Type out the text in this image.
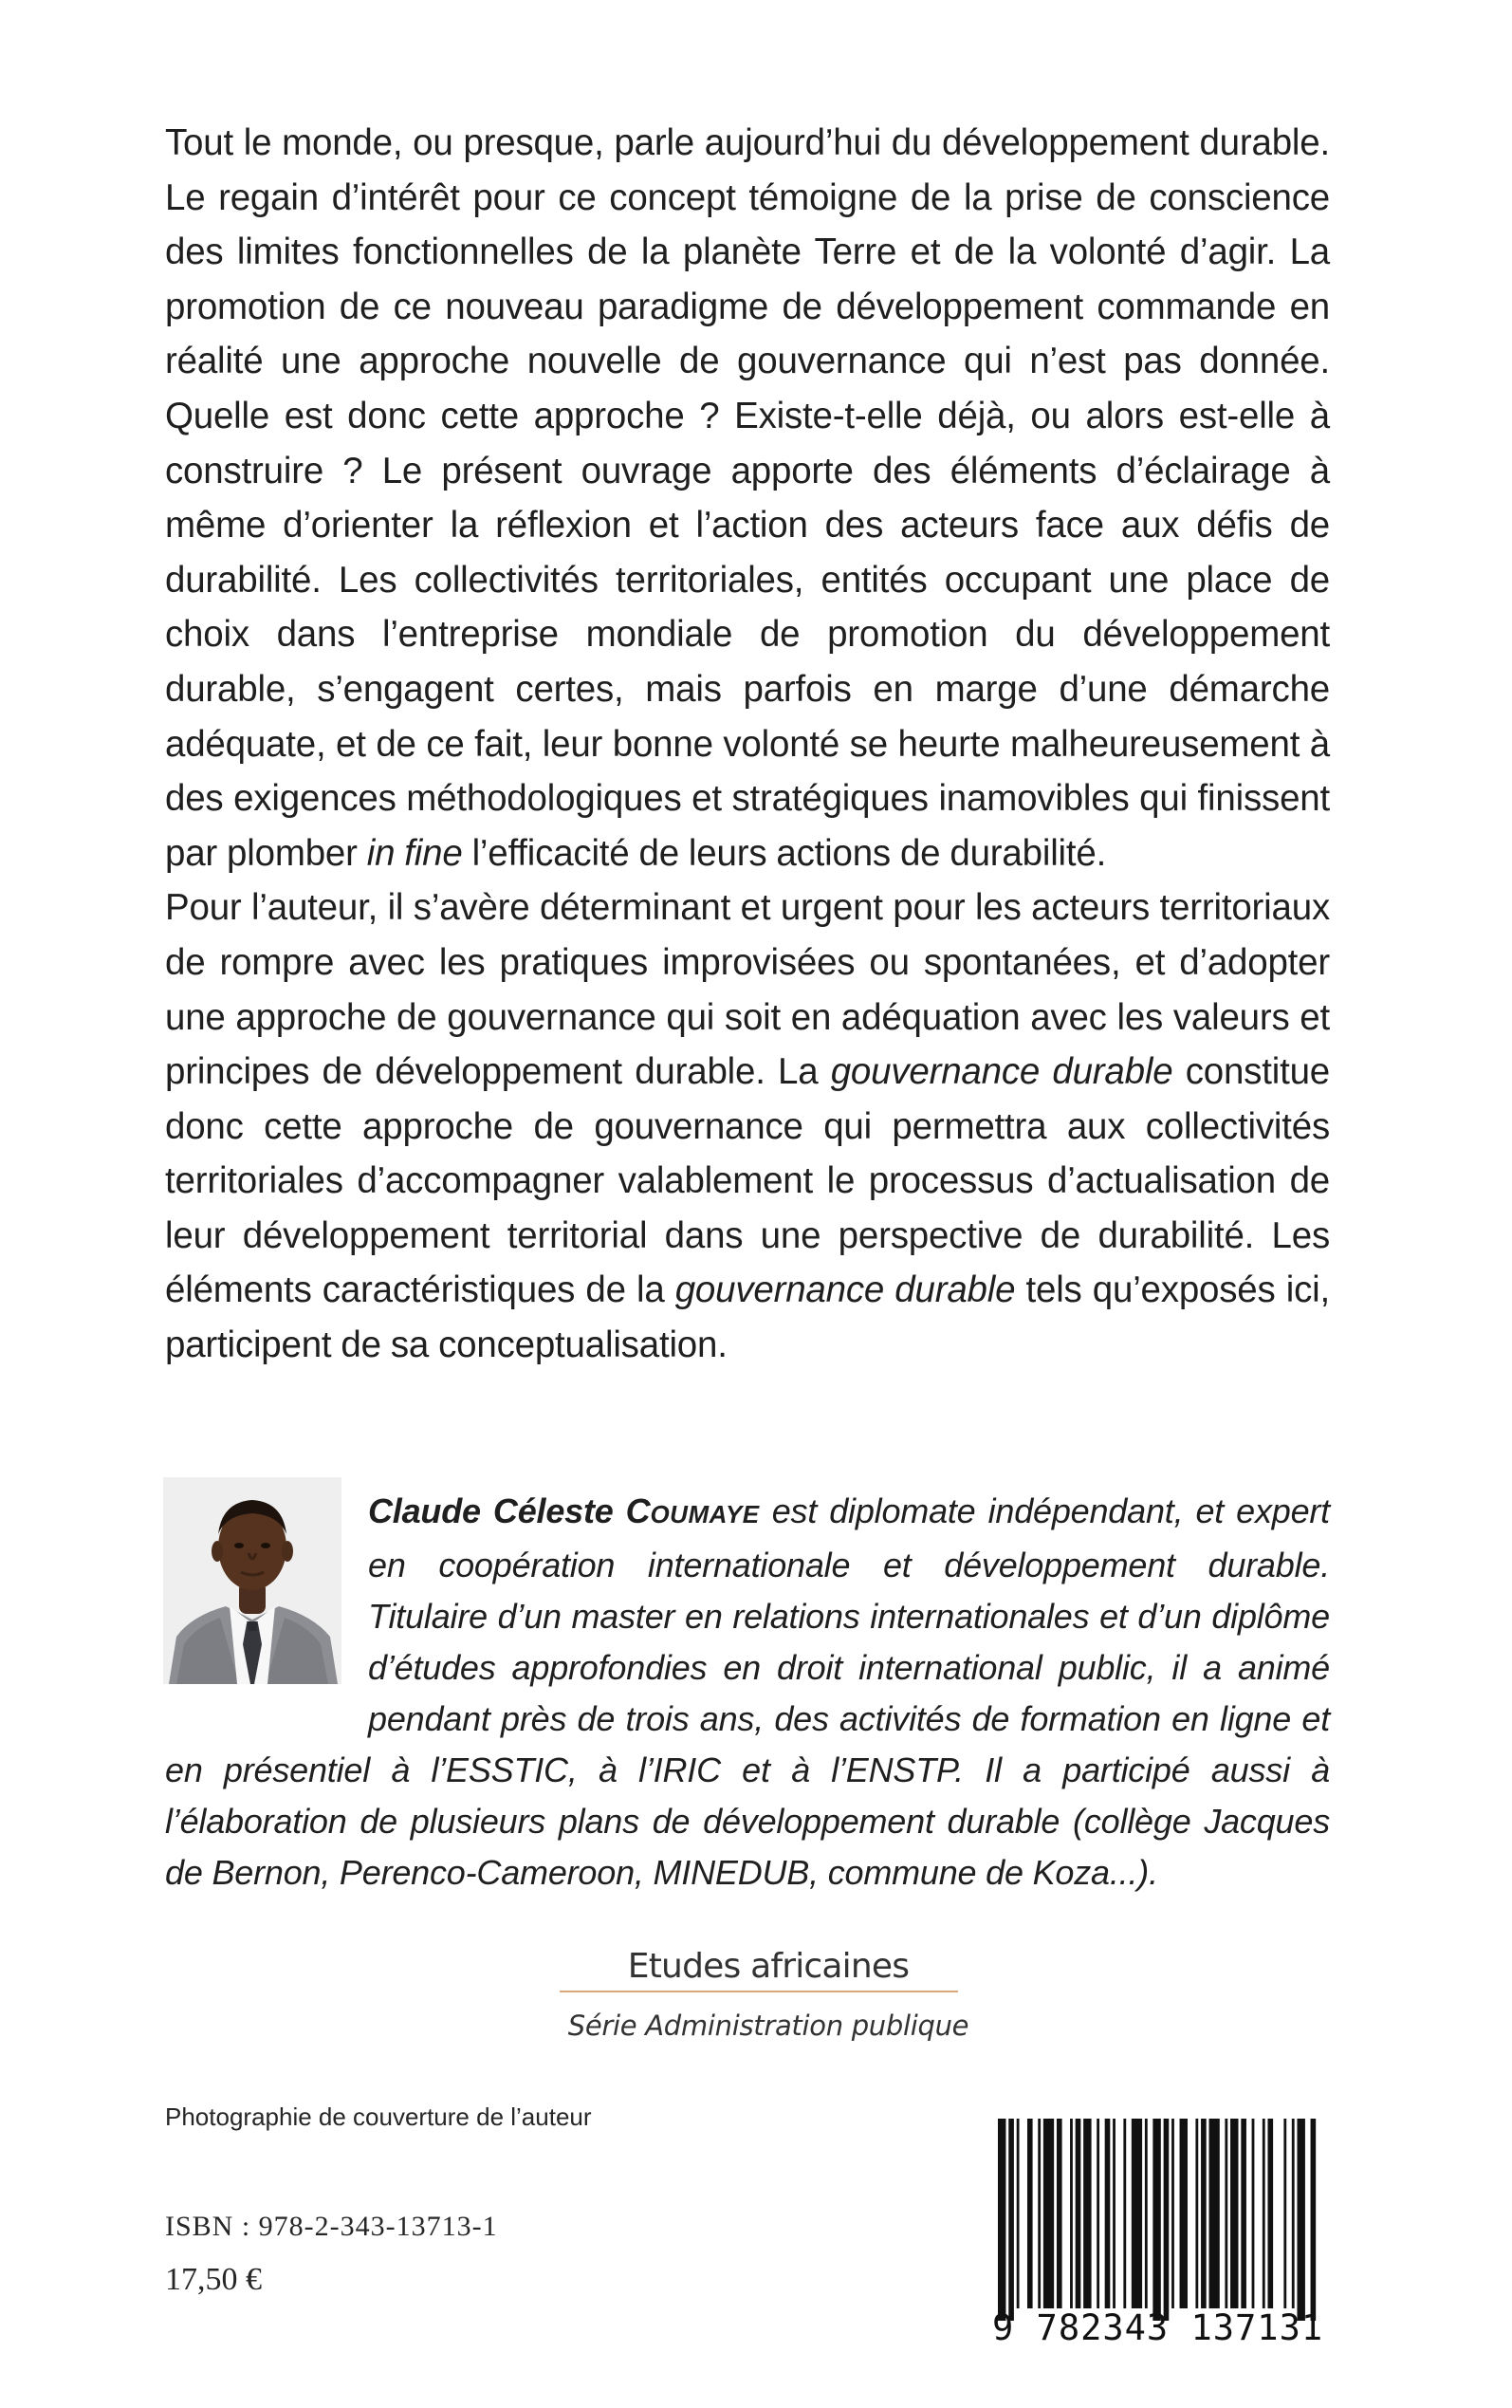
Tout le monde, ou presque, parle aujourd’hui du développement durable. Le regain d’intérêt pour ce concept témoigne de la prise de conscience des limites fonctionnelles de la planète Terre et de la volonté d’agir. La promotion de ce nouveau paradigme de développement commande en réalité une approche nouvelle de gouvernance qui n’est pas donnée. Quelle est donc cette approche ? Existe-t-elle déjà, ou alors est-elle à construire ? Le présent ouvrage apporte des éléments d’éclairage à même d’orienter la réflexion et l’action des acteurs face aux défis de durabilité. Les collectivités territoriales, entités occupant une place de choix dans l’entreprise mondiale de promotion du développement durable, s’engagent certes, mais parfois en marge d’une démarche adéquate, et de ce fait, leur bonne volonté se heurte malheureusement à des exigences méthodologiques et stratégiques inamovibles qui finissent par plomber in fine l’efficacité de leurs actions de durabilité.

Pour l’auteur, il s’avère déterminant et urgent pour les acteurs territoriaux de rompre avec les pratiques improvisées ou spontanées, et d’adopter une approche de gouvernance qui soit en adéquation avec les valeurs et principes de développement durable. La gouvernance durable constitue donc cette approche de gouvernance qui permettra aux collectivités territoriales d’accompagner valablement le processus d’actualisation de leur développement territorial dans une perspective de durabilité. Les éléments caractéristiques de la gouvernance durable tels qu’exposés ici, participent de sa conceptualisation.

Claude Céleste COUMAYE est diplomate indépendant, et expert en coopération internationale et développement durable. Titulaire d’un master en relations internationales et d’un diplôme d’études approfondies en droit international public, il a animé pendant près de trois ans, des activités de formation en ligne et en présentiel à l’ESSTIC, à l’IRIC et à l’ENSTP. Il a participé aussi à l’élaboration de plusieurs plans de développement durable (collège Jacques de Bernon, Perenco-Cameroon, MINEDUB, commune de Koza...).

Etudes africaines
Série Administration publique
Photographie de couverture de l’auteur
ISBN : 978-2-343-13713-1
17,50 €
9 782343 137131
